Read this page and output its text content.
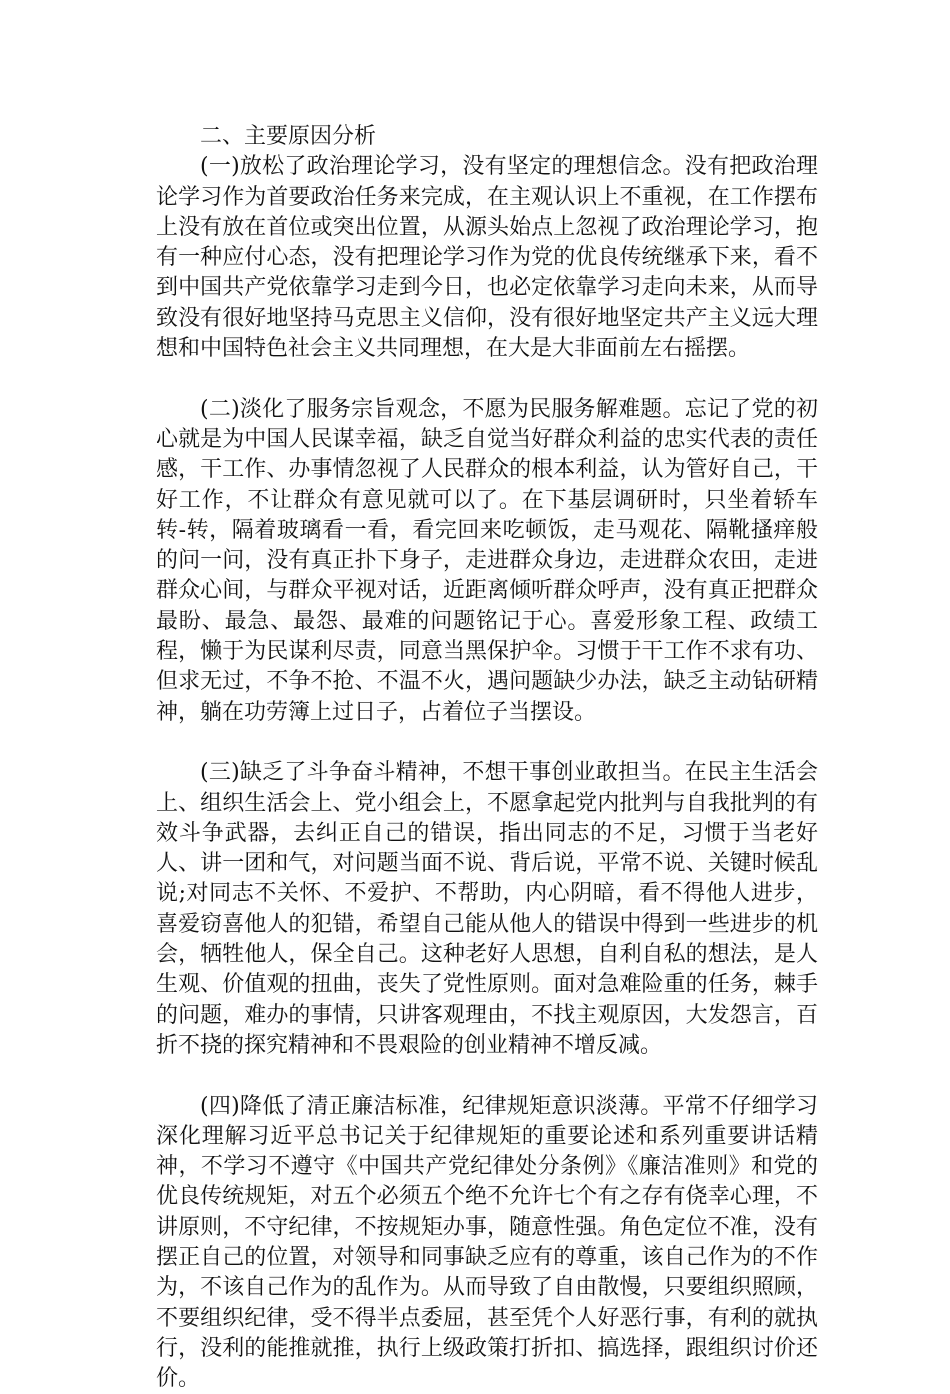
二、主要原因分析

(一)放松了政治理论学习，没有坚定的理想信念。没有把政治理论学习作为首要政治任务来完成，在主观认识上不重视，在工作摆布上没有放在首位或突出位置，从源头始点上忽视了政治理论学习，抱有一种应付心态，没有把理论学习作为党的优良传统继承下来，看不到中国共产党依靠学习走到今日，也必定依靠学习走向未来，从而导致没有很好地坚持马克思主义信仰，没有很好地坚定共产主义远大理想和中国特色社会主义共同理想，在大是大非面前左右摇摆。

(二)淡化了服务宗旨观念，不愿为民服务解难题。忘记了党的初心就是为中国人民谋幸福，缺乏自觉当好群众利益的忠实代表的责任感，干工作、办事情忽视了人民群众的根本利益，认为管好自己，干好工作，不让群众有意见就可以了。在下基层调研时，只坐着轿车转-转，隔着玻璃看一看，看完回来吃顿饭，走马观花、隔靴搔痒般的问一问，没有真正扑下身子，走进群众身边，走进群众农田，走进群众心间，与群众平视对话，近距离倾听群众呼声，没有真正把群众最盼、最急、最怨、最难的问题铭记于心。喜爱形象工程、政绩工程，懒于为民谋利尽责，同意当黑保护伞。习惯于干工作不求有功、但求无过，不争不抢、不温不火，遇问题缺少办法，缺乏主动钻研精神，躺在功劳簿上过日子，占着位子当摆设。

(三)缺乏了斗争奋斗精神，不想干事创业敢担当。在民主生活会上、组织生活会上、党小组会上，不愿拿起党内批判与自我批判的有效斗争武器，去纠正自己的错误，指出同志的不足，习惯于当老好人、讲一团和气，对问题当面不说、背后说，平常不说、关键时候乱说;对同志不关怀、不爱护、不帮助，内心阴暗，看不得他人进步，喜爱窃喜他人的犯错，希望自己能从他人的错误中得到一些进步的机会，牺牲他人，保全自己。这种老好人思想，自利自私的想法，是人生观、价值观的扭曲，丧失了党性原则。面对急难险重的任务，棘手的问题，难办的事情，只讲客观理由，不找主观原因，大发怨言，百折不挠的探究精神和不畏艰险的创业精神不增反减。

(四)降低了清正廉洁标准，纪律规矩意识淡薄。平常不仔细学习深化理解习近平总书记关于纪律规矩的重要论述和系列重要讲话精神，不学习不遵守《中国共产党纪律处分条例》《廉洁准则》和党的优良传统规矩，对五个必须五个绝不允许七个有之存有侥幸心理，不讲原则，不守纪律，不按规矩办事，随意性强。角色定位不准，没有摆正自己的位置，对领导和同事缺乏应有的尊重，该自己作为的不作为，不该自己作为的乱作为。从而导致了自由散慢，只要组织照顾，不要组织纪律，受不得半点委屈，甚至凭个人好恶行事，有利的就执行，没利的能推就推，执行上级政策打折扣、搞选择，跟组织讨价还价。
